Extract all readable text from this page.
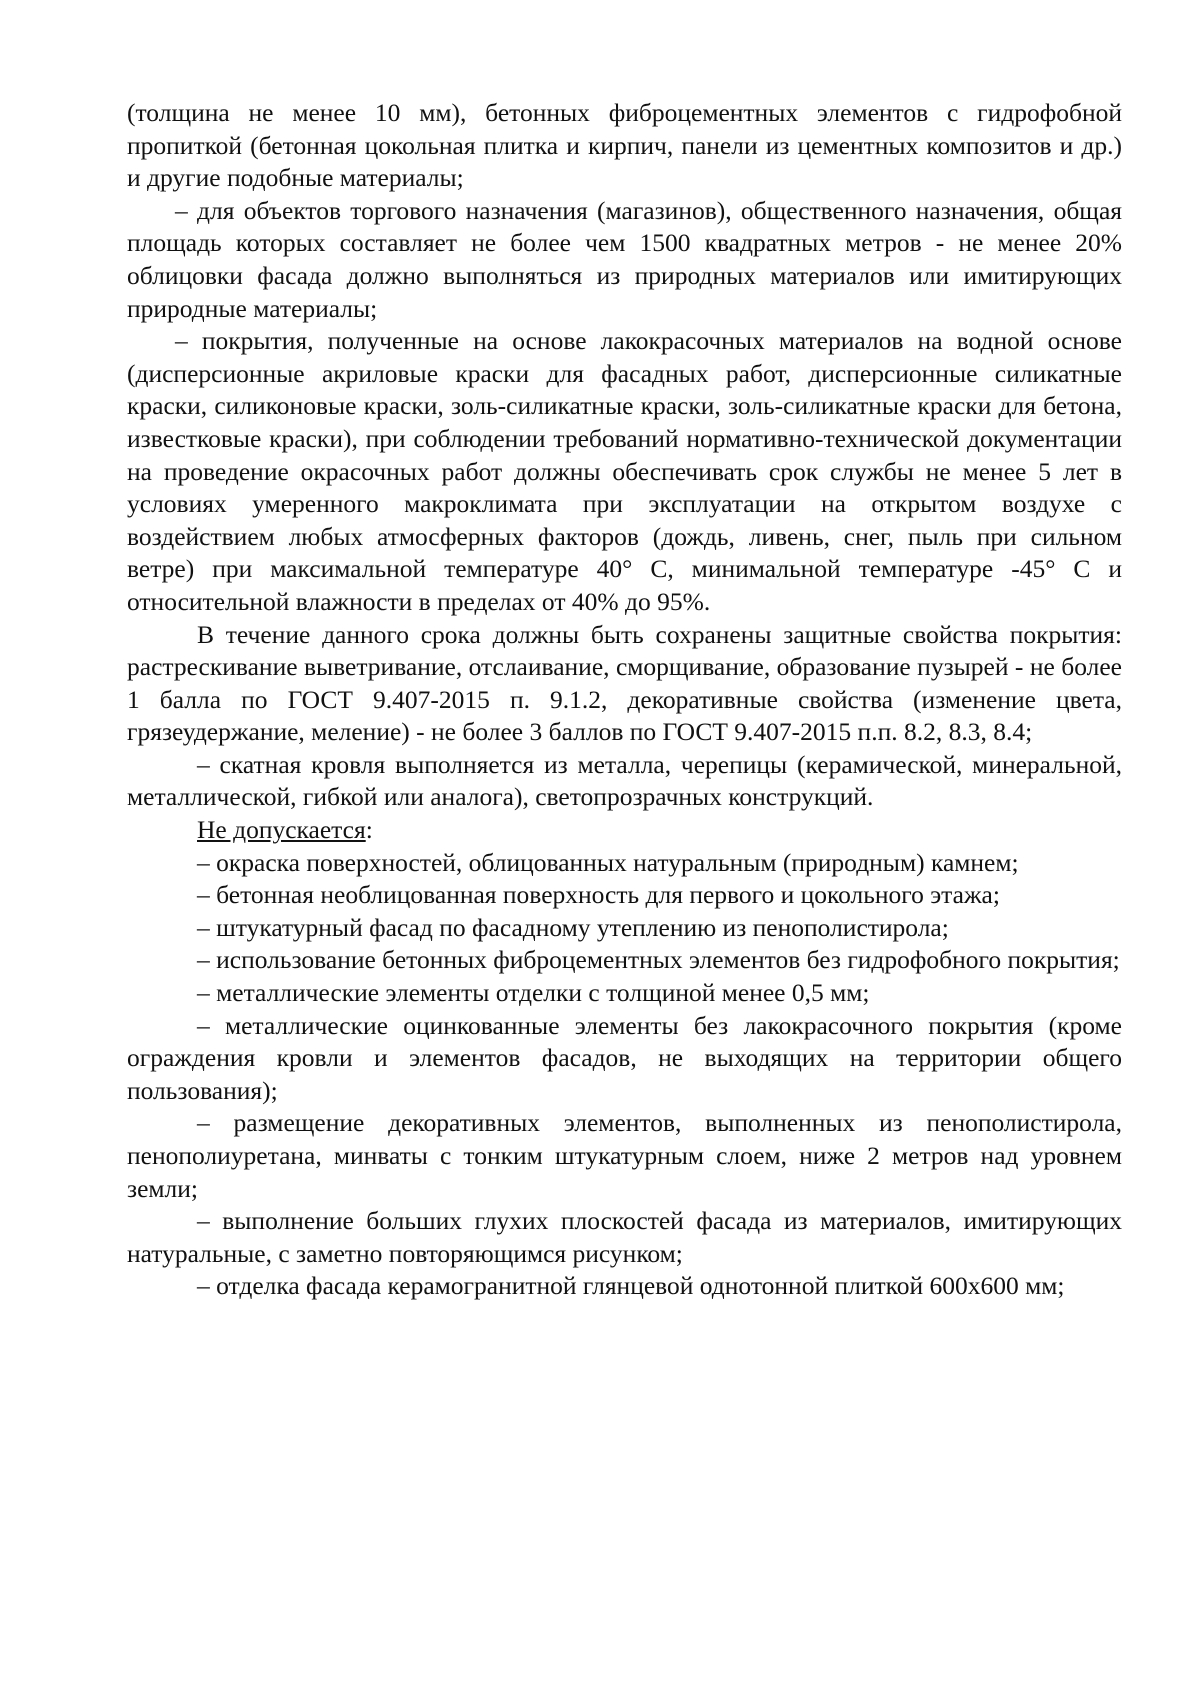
(толщина не менее 10 мм), бетонных фиброцементных элементов с гидрофобной пропиткой (бетонная цокольная плитка и кирпич, панели из цементных композитов и др.) и другие подобные материалы;

– для объектов торгового назначения (магазинов), общественного назначения, общая площадь которых составляет не более чем 1500 квадратных метров - не менее 20% облицовки фасада должно выполняться из природных материалов или имитирующих природные материалы;

– покрытия, полученные на основе лакокрасочных материалов на водной основе (дисперсионные акриловые краски для фасадных работ, дисперсионные силикатные краски, силиконовые краски, золь-силикатные краски, золь-силикатные краски для бетона, известковые краски), при соблюдении требований нормативно-технической документации на проведение окрасочных работ должны обеспечивать срок службы не менее 5 лет в условиях умеренного макроклимата при эксплуатации на открытом воздухе с воздействием любых атмосферных факторов (дождь, ливень, снег, пыль при сильном ветре) при максимальной температуре 40° С, минимальной температуре -45° С и относительной влажности в пределах от 40% до 95%.

В течение данного срока должны быть сохранены защитные свойства покрытия: растрескивание выветривание, отслаивание, сморщивание, образование пузырей - не более 1 балла по ГОСТ 9.407-2015 п. 9.1.2, декоративные свойства (изменение цвета, грязеудержание, меление) - не более 3 баллов по ГОСТ 9.407-2015 п.п. 8.2, 8.3, 8.4;

– скатная кровля выполняется из металла, черепицы (керамической, минеральной, металлической, гибкой или аналога), светопрозрачных конструкций.

Не допускается:

– окраска поверхностей, облицованных натуральным (природным) камнем;

– бетонная необлицованная поверхность для первого и цокольного этажа;

– штукатурный фасад по фасадному утеплению из пенополистирола;

– использование бетонных фиброцементных элементов без гидрофобного покрытия;

– металлические элементы отделки с толщиной менее 0,5 мм;

– металлические оцинкованные элементы без лакокрасочного покрытия (кроме ограждения кровли и элементов фасадов, не выходящих на территории общего пользования);

– размещение декоративных элементов, выполненных из пенополистирола, пенополиуретана, минваты с тонким штукатурным слоем, ниже 2 метров над уровнем земли;

– выполнение больших глухих плоскостей фасада из материалов, имитирующих натуральные, с заметно повторяющимся рисунком;

– отделка фасада керамогранитной глянцевой однотонной плиткой 600х600 мм;
